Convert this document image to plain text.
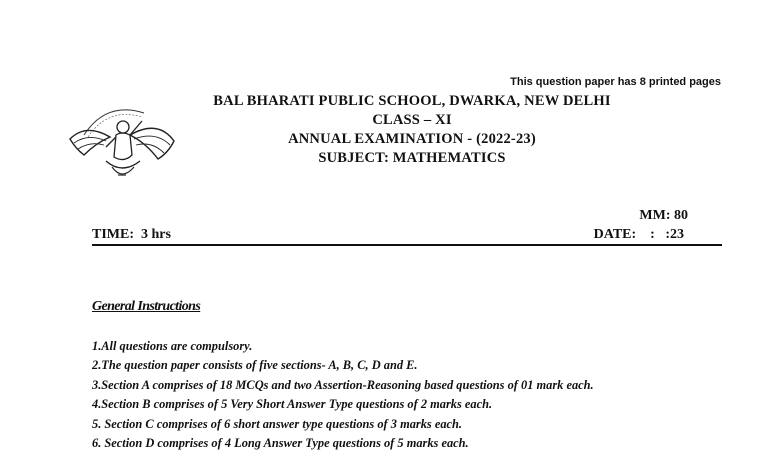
This question paper has 8 printed pages
BAL BHARATI PUBLIC SCHOOL, DWARKA, NEW DELHI
CLASS – XI
ANNUAL EXAMINATION - (2022-23)
SUBJECT: MATHEMATICS
MM: 80
TIME:  3 hrs	DATE:    :   :23
General Instructions
1.All questions are compulsory.
2.The question paper consists of five sections- A, B, C, D and E.
3.Section A comprises of 18 MCQs and two Assertion-Reasoning based questions of 01 mark each.
4.Section B comprises of 5 Very Short Answer Type questions of 2 marks each.
5. Section C comprises of 6 short answer type questions of 3 marks each.
6. Section D comprises of 4 Long Answer Type questions of 5 marks each.
